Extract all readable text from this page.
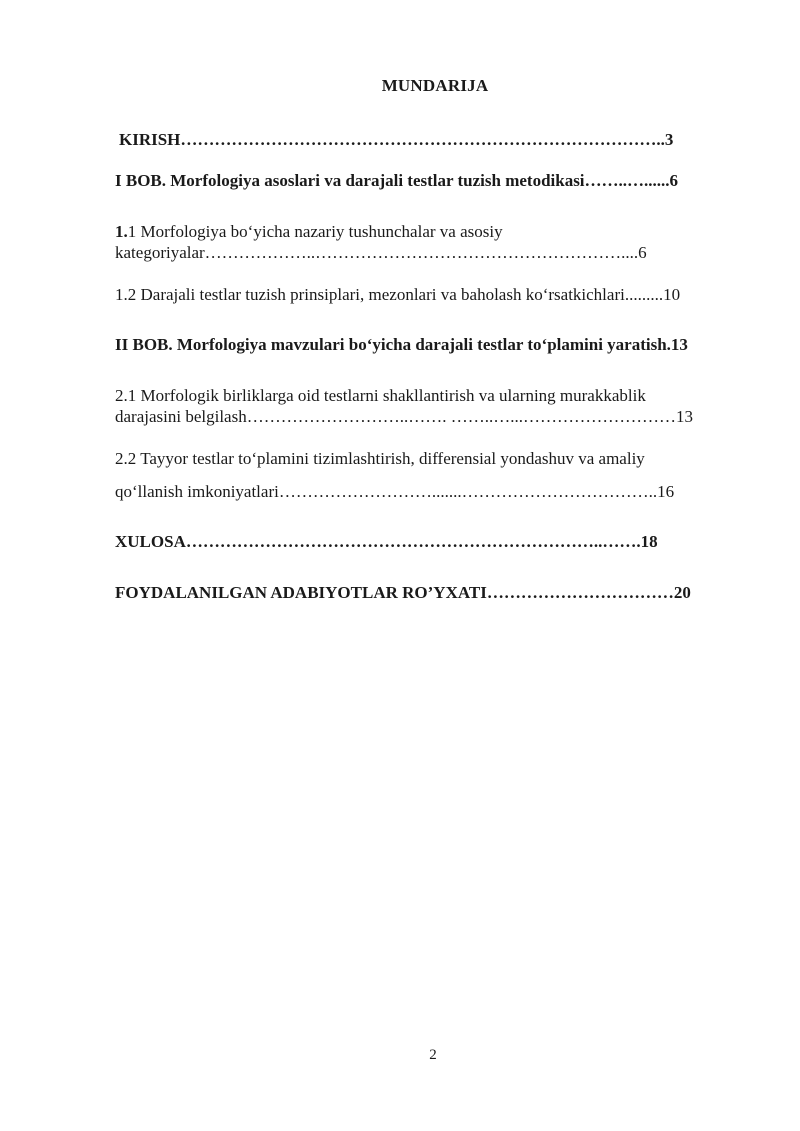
MUNDARIJA
KIRISH…………………………………………………………………………..3
I BOB. Morfologiya asoslari va darajali testlar tuzish metodikasi……..…......6
1.1 Morfologiya bo‘yicha nazariy tushunchalar va asosiy
kategoriyalar………………..………………………………………………....6
1.2 Darajali testlar tuzish prinsiplari, mezonlari va baholash ko‘rsatkichlari.........10
II BOB. Morfologiya mavzulari bo‘yicha darajali testlar to‘plamini yaratish.13
2.1 Morfologik birliklarga oid testlarni shakllantirish va ularning murakkablik
darajasini belgilash………………………..……. ……..…...………………………13
2.2 Tayyor testlar to‘plamini tizimlashtirish, differensial yondashuv va amaliy
qo‘llanish imkoniyatlari……………………….......……………………………..16
XULOSA………………………………………………………………..…….18
FOYDALANILGAN ADABIYOTLAR RO’YXATI……………………………20
2
